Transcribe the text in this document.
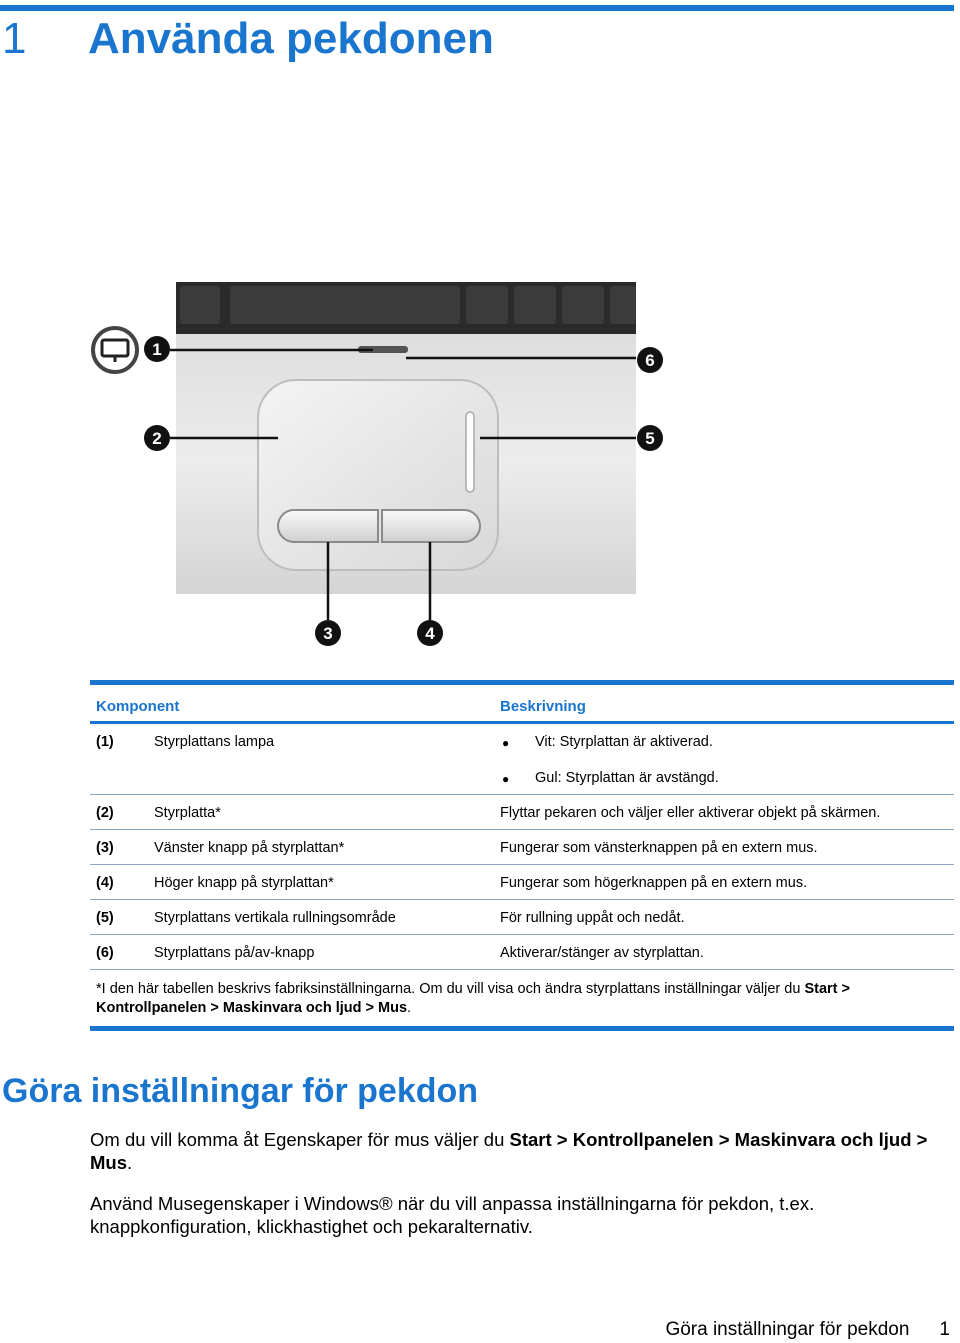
1 Använda pekdonen
1
2
3	4
5
6
Komponent	Beskrivning
(1)	Styrplattans lampa	● Vit: Styrplattan är aktiverad.
● Gul: Styrplattan är avstängd.
(2)	Styrplatta*	Flyttar pekaren och väljer eller aktiverar objekt på skärmen.
(3)	Vänster knapp på styrplattan*	Fungerar som vänsterknappen på en extern mus.
(4)	Höger knapp på styrplattan*	Fungerar som högerknappen på en extern mus.
(5)	Styrplattans vertikala rullningsområde	För rullning uppåt och nedåt.
(6)	Styrplattans på/av-knapp	Aktiverar/stänger av styrplattan.
*I den här tabellen beskrivs fabriksinställningarna. Om du vill visa och ändra styrplattans inställningar väljer du Start > Kontrollpanelen > Maskinvara och ljud > Mus.
Göra inställningar för pekdon

Om du vill komma åt Egenskaper för mus väljer du Start > Kontrollpanelen > Maskinvara och ljud > Mus.

Använd Musegenskaper i Windows® när du vill anpassa inställningarna för pekdon, t.ex. knappkonfiguration, klickhastighet och pekaralternativ.

Göra inställningar för pekdon 1
